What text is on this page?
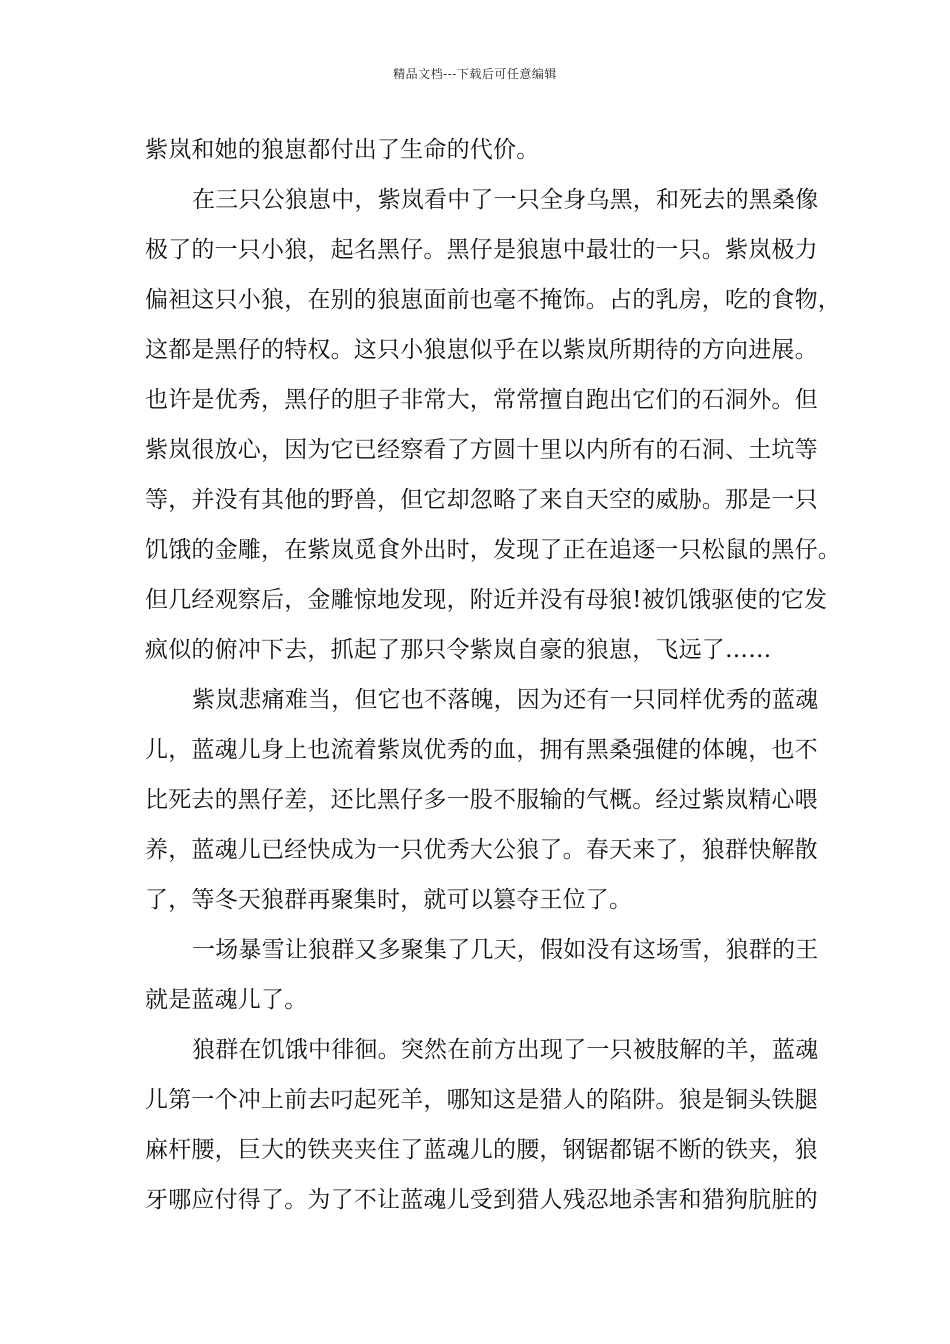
精品文档---下载后可任意编辑
紫岚和她的狼崽都付出了生命的代价。
在三只公狼崽中，紫岚看中了一只全身乌黑，和死去的黑桑像
极了的一只小狼，起名黑仔。黑仔是狼崽中最壮的一只。紫岚极力
偏袒这只小狼，在别的狼崽面前也毫不掩饰。占的乳房，吃的食物，
这都是黑仔的特权。这只小狼崽似乎在以紫岚所期待的方向进展。
也许是优秀，黑仔的胆子非常大，常常擅自跑出它们的石洞外。但
紫岚很放心，因为它已经察看了方圆十里以内所有的石洞、土坑等
等，并没有其他的野兽，但它却忽略了来自天空的威胁。那是一只
饥饿的金雕，在紫岚觅食外出时，发现了正在追逐一只松鼠的黑仔。
但几经观察后，金雕惊地发现，附近并没有母狼!被饥饿驱使的它发
疯似的俯冲下去，抓起了那只令紫岚自豪的狼崽，飞远了……
紫岚悲痛难当，但它也不落魄，因为还有一只同样优秀的蓝魂
儿，蓝魂儿身上也流着紫岚优秀的血，拥有黑桑强健的体魄，也不
比死去的黑仔差，还比黑仔多一股不服输的气概。经过紫岚精心喂
养，蓝魂儿已经快成为一只优秀大公狼了。春天来了，狼群快解散
了，等冬天狼群再聚集时，就可以篡夺王位了。
一场暴雪让狼群又多聚集了几天，假如没有这场雪，狼群的王
就是蓝魂儿了。
狼群在饥饿中徘徊。突然在前方出现了一只被肢解的羊，蓝魂
儿第一个冲上前去叼起死羊，哪知这是猎人的陷阱。狼是铜头铁腿
麻杆腰，巨大的铁夹夹住了蓝魂儿的腰，钢锯都锯不断的铁夹，狼
牙哪应付得了。为了不让蓝魂儿受到猎人残忍地杀害和猎狗肮脏的
